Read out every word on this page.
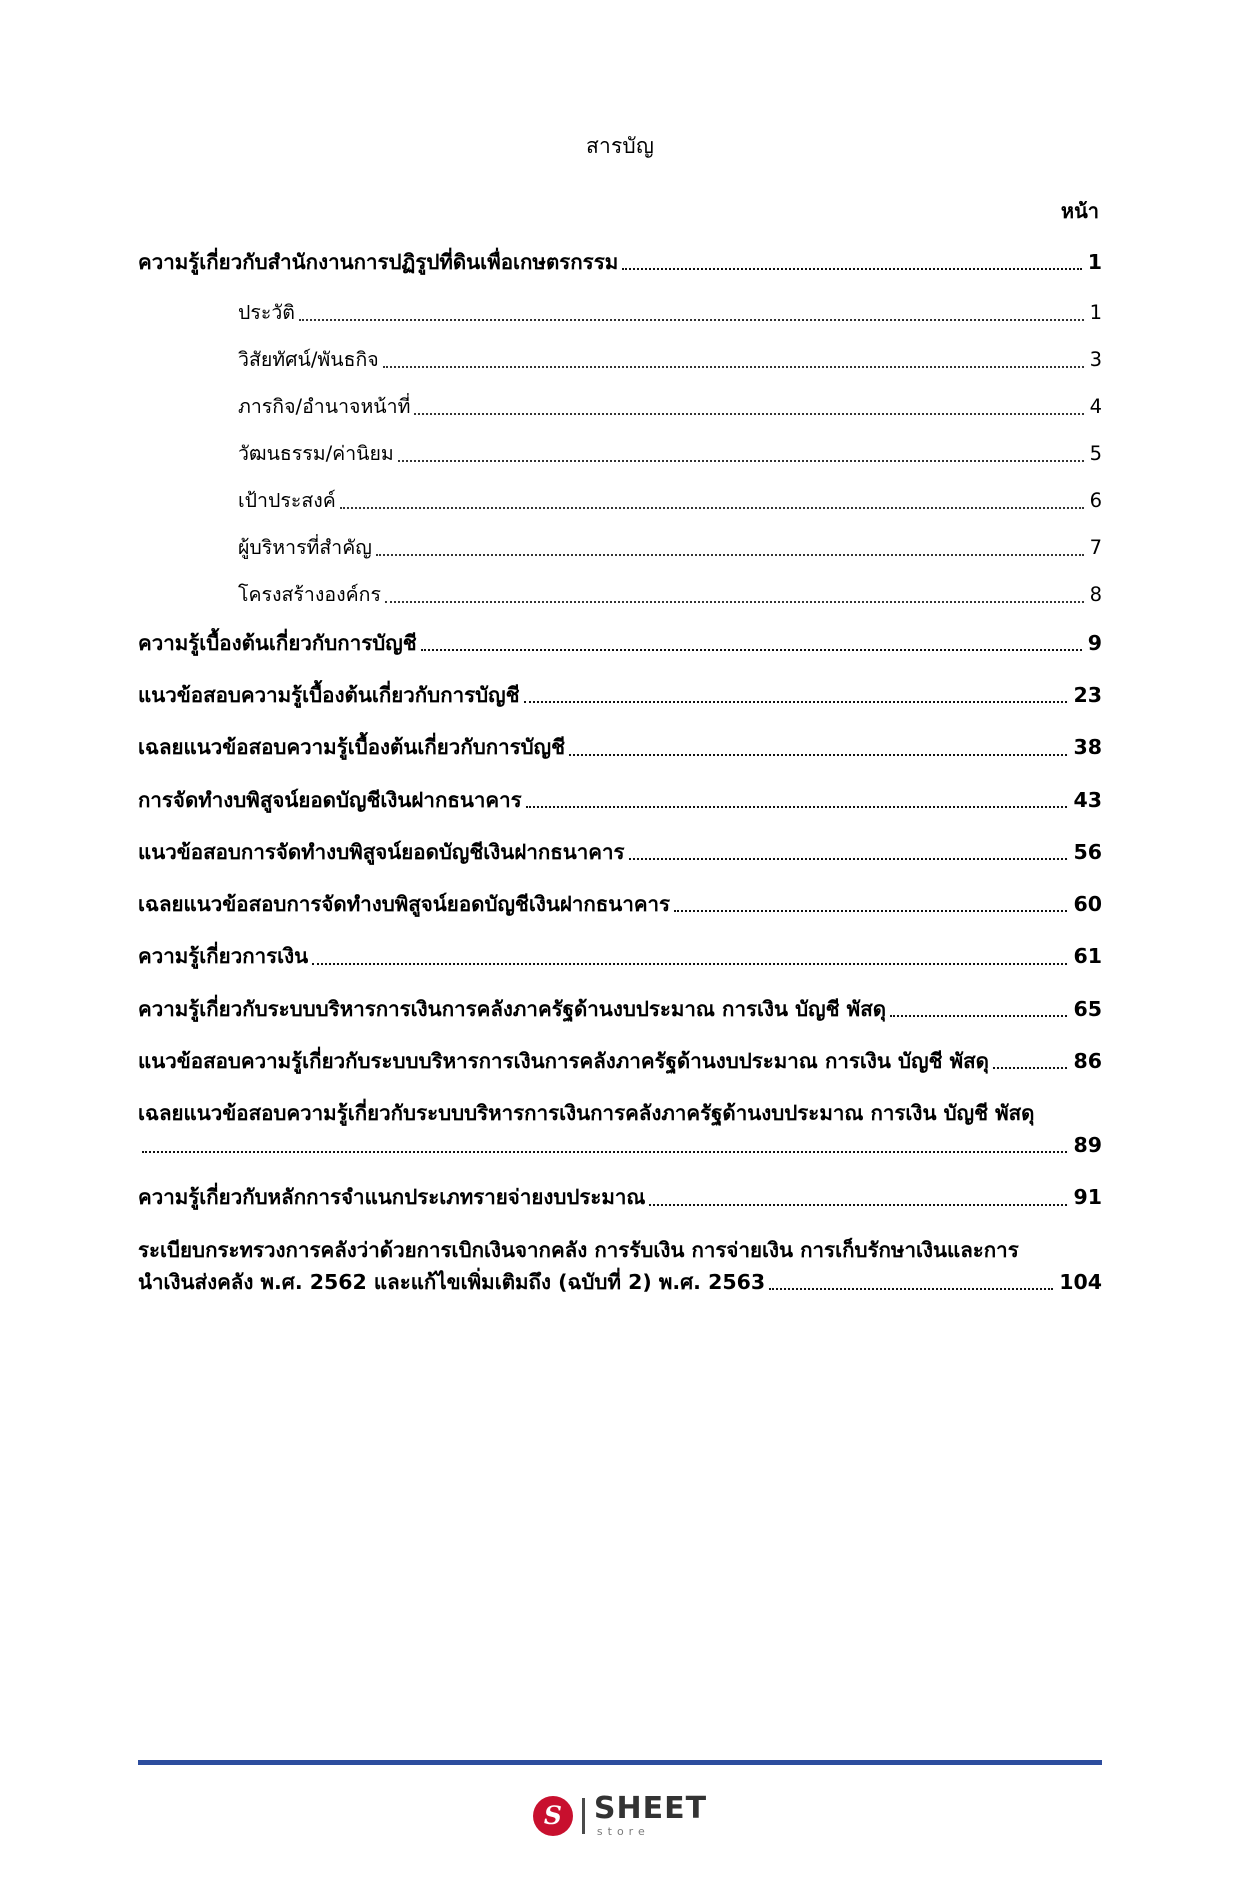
สารบัญ
หน้า
ความรู้เกี่ยวกับสำนักงานการปฏิรูปที่ดินเพื่อเกษตรกรรม	1
ประวัติ	1
วิสัยทัศน์/พันธกิจ	3
ภารกิจ/อำนาจหน้าที่	4
วัฒนธรรม/ค่านิยม	5
เป้าประสงค์	6
ผู้บริหารที่สำคัญ	7
โครงสร้างองค์กร	8
ความรู้เบื้องต้นเกี่ยวกับการบัญชี	9
แนวข้อสอบความรู้เบื้องต้นเกี่ยวกับการบัญชี	23
เฉลยแนวข้อสอบความรู้เบื้องต้นเกี่ยวกับการบัญชี	38
การจัดทำงบพิสูจน์ยอดบัญชีเงินฝากธนาคาร	43
แนวข้อสอบการจัดทำงบพิสูจน์ยอดบัญชีเงินฝากธนาคาร	56
เฉลยแนวข้อสอบการจัดทำงบพิสูจน์ยอดบัญชีเงินฝากธนาคาร	60
ความรู้เกี่ยวการเงิน	61
ความรู้เกี่ยวกับระบบบริหารการเงินการคลังภาครัฐด้านงบประมาณ การเงิน บัญชี พัสดุ	65
แนวข้อสอบความรู้เกี่ยวกับระบบบริหารการเงินการคลังภาครัฐด้านงบประมาณ การเงิน บัญชี พัสดุ	86
เฉลยแนวข้อสอบความรู้เกี่ยวกับระบบบริหารการเงินการคลังภาครัฐด้านงบประมาณ การเงิน บัญชี พัสดุ
89
ความรู้เกี่ยวกับหลักการจำแนกประเภทรายจ่ายงบประมาณ	91
ระเบียบกระทรวงการคลังว่าด้วยการเบิกเงินจากคลัง การรับเงิน การจ่ายเงิน การเก็บรักษาเงินและการ
นำเงินส่งคลัง พ.ศ. 2562 และแก้ไขเพิ่มเติมถึง (ฉบับที่ 2) พ.ศ. 2563	104
S	SHEET
store
